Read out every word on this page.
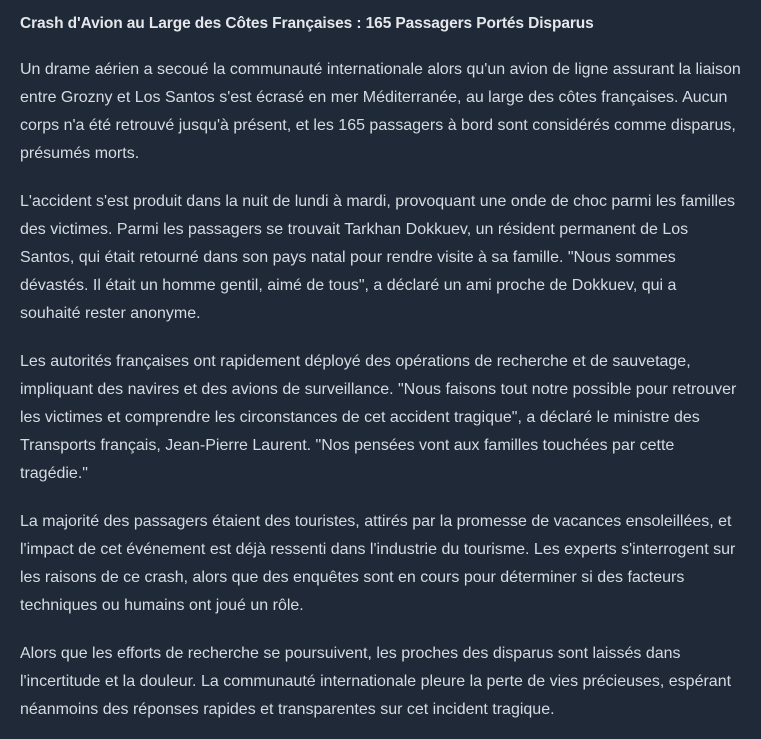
Crash d'Avion au Large des Côtes Françaises : 165 Passagers Portés Disparus

Un drame aérien a secoué la communauté internationale alors qu'un avion de ligne assurant la liaison entre Grozny et Los Santos s'est écrasé en mer Méditerranée, au large des côtes françaises. Aucun corps n'a été retrouvé jusqu'à présent, et les 165 passagers à bord sont considérés comme disparus, présumés morts.

L'accident s'est produit dans la nuit de lundi à mardi, provoquant une onde de choc parmi les familles des victimes. Parmi les passagers se trouvait Tarkhan Dokkuev, un résident permanent de Los Santos, qui était retourné dans son pays natal pour rendre visite à sa famille. "Nous sommes dévastés. Il était un homme gentil, aimé de tous", a déclaré un ami proche de Dokkuev, qui a souhaité rester anonyme.

Les autorités françaises ont rapidement déployé des opérations de recherche et de sauvetage, impliquant des navires et des avions de surveillance. "Nous faisons tout notre possible pour retrouver les victimes et comprendre les circonstances de cet accident tragique", a déclaré le ministre des Transports français, Jean-Pierre Laurent. "Nos pensées vont aux familles touchées par cette tragédie."

La majorité des passagers étaient des touristes, attirés par la promesse de vacances ensoleillées, et l'impact de cet événement est déjà ressenti dans l'industrie du tourisme. Les experts s'interrogent sur les raisons de ce crash, alors que des enquêtes sont en cours pour déterminer si des facteurs techniques ou humains ont joué un rôle.

Alors que les efforts de recherche se poursuivent, les proches des disparus sont laissés dans l'incertitude et la douleur. La communauté internationale pleure la perte de vies précieuses, espérant néanmoins des réponses rapides et transparentes sur cet incident tragique.
